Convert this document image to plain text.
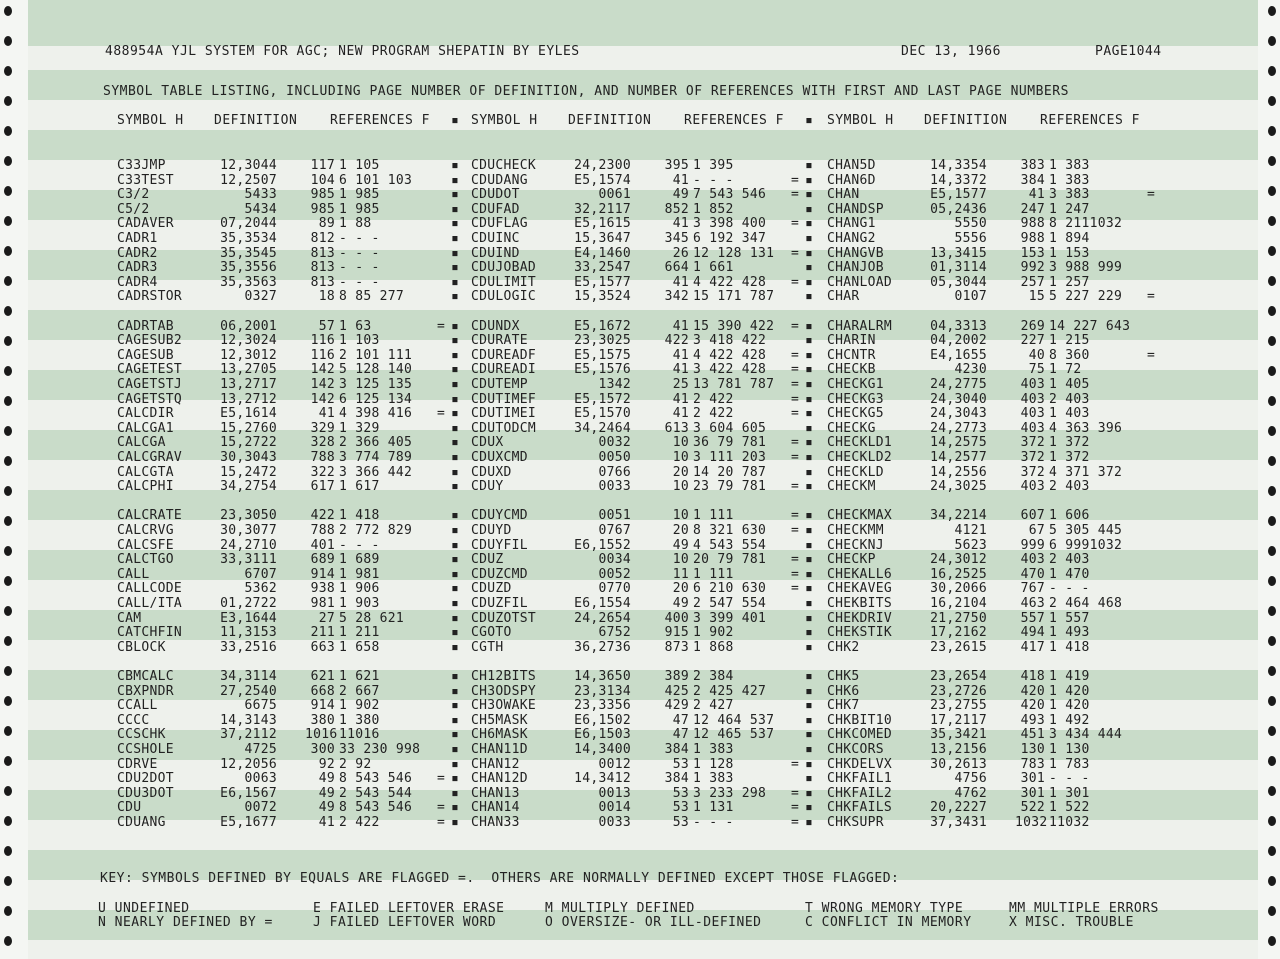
488954A YJL SYSTEM FOR AGC; NEW PROGRAM SHEPATIN BY EYLES	DEC 13, 1966	PAGE1044
SYMBOL TABLE LISTING, INCLUDING PAGE NUMBER OF DEFINITION, AND NUMBER OF REFERENCES WITH FIRST AND LAST PAGE NUMBERS
SYMBOL H DEFINITION	REFERENCES F ▪ SYMBOL H DEFINITION	REFERENCES F ▪ SYMBOL H DEFINITION	REFERENCES F
C33JMP	12,3044	117 1 105	▪
C33TEST	12,2507	104 6 101 103	▪
C3/2	5433	985 1 985	▪
C5/2	5434	985 1 985	▪
CADAVER	07,2044	89 1 88	▪
CADR1	35,3534	812 - - -	▪
CADR2	35,3545	813 - - -	▪
CADR3	35,3556	813 - - -	▪
CADR4	35,3563	813 - - -	▪
CADRSTOR	0327	18 8 85 277	▪
CADRTAB	06,2001	57 1 63	= ▪
CAGESUB2	12,3024	116 1 103	▪
CAGESUB	12,3012	116 2 101 111	▪
CAGETEST	13,2705	142 5 128 140	▪
CAGETSTJ	13,2717	142 3 125 135	▪
CAGETSTQ	13,2712	142 6 125 134	▪
CALCDIR	E5,1614	41 4 398 416 = ▪
CALCGA1	15,2760	329 1 329	▪
CALCGA	15,2722	328 2 366 405	▪
CALCGRAV	30,3043	788 3 774 789	▪
CALCGTA	15,2472	322 3 366 442	▪
CALCPHI	34,2754	617 1 617	▪
CALCRATE	23,3050	422 1 418	▪
CALCRVG	30,3077	788 2 772 829	▪
CALCSFE	24,2710	401 - - -	▪
CALCTGO	33,3111	689 1 689	▪
CALL	6707	914 1 981	▪
CALLCODE	5362	938 1 906	▪
CALL/ITA	01,2722	981 1 903	▪
CAM	E3,1644	27 5 28 621	▪
CATCHFIN	11,3153	211 1 211	▪
CBLOCK	33,2516	663 1 658	▪
CBMCALC	34,3114	621 1 621	▪
CBXPNDR	27,2540	668 2 667	▪
CCALL	6675	914 1 902	▪
CCCC	14,3143	380 1 380	▪
CCSCHK	37,2112 1016 11016	▪
CCSHOLE	4725	300 33 230 998 ▪
CDRVE	12,2056	92 2 92	▪
CDU2DOT	0063	49 8 543 546 = ▪
CDU3DOT	E6,1567	49 2 543 544	▪
CDU	0072	49 8 543 546 = ▪
CDUANG	E5,1677	41 2 422	= ▪
CDUCHECK	24,2300	395 1 395	▪
CDUDANG	E5,1574	41 - - -	= ▪
CDUDOT	0061	49 7 543 546 = ▪
CDUFAD	32,2117	852 1 852	▪
CDUFLAG	E5,1615	41 3 398 400 = ▪
CDUINC	15,3647	345 6 192 347	▪
CDUIND	E4,1460	26 12 128 131 = ▪
CDUJOBAD	33,2547	664 1 661	▪
CDULIMIT	E5,1577	41 4 422 428 = ▪
CDULOGIC	15,3524	342 15 171 787 ▪
CDUNDX	E5,1672	41 15 390 422 = ▪
CDURATE	23,3025	422 3 418 422	▪
CDUREADF	E5,1575	41 4 422 428 = ▪
CDUREADI	E5,1576	41 3 422 428 = ▪
CDUTEMP	1342	25 13 781 787 = ▪
CDUTIMEF	E5,1572	41 2 422	= ▪
CDUTIMEI	E5,1570	41 2 422	= ▪
CDUTODCM	34,2464	613 3 604 605	▪
CDUX	0032	10 36 79 781 = ▪
CDUXCMD	0050	10 3 111 203 = ▪
CDUXD	0766	20 14 20 787	▪
CDUY	0033	10 23 79 781 = ▪
CDUYCMD	0051	10 1 111	= ▪
CDUYD	0767	20 8 321 630 = ▪
CDUYFIL	E6,1552	49 4 543 554	▪
CDUZ	0034	10 20 79 781 = ▪
CDUZCMD	0052	11 1 111	= ▪
CDUZD	0770	20 6 210 630 = ▪
CDUZFIL	E6,1554	49 2 547 554	▪
CDUZOTST	24,2654	400 3 399 401	▪
CGOTO	6752	915 1 902	▪
CGTH	36,2736	873 1 868	▪
CH12BITS	14,3650	389 2 384	▪
CH3ODSPY	23,3134	425 2 425 427	▪
CH3OWAKE	23,3356	429 2 427	▪
CH5MASK	E6,1502	47 12 464 537 ▪
CH6MASK	E6,1503	47 12 465 537 ▪
CHAN11D	14,3400	384 1 383	▪
CHAN12	0012	53 1 128	= ▪
CHAN12D	14,3412	384 1 383	▪
CHAN13	0013	53 3 233 298 = ▪
CHAN14	0014	53 1 131	= ▪
CHAN33	0033	53 - - -	= ▪
CHAN5D	14,3354	383 1 383
CHAN6D	14,3372	384 1 383
CHAN	E5,1577	41 3 383	=
CHANDSP	05,2436	247 1 247
CHANG1	5550	988 8 2111032
CHANG2	5556	988 1 894
CHANGVB	13,3415	153 1 153
CHANJOB	01,3114	992 3 988 999
CHANLOAD	05,3044	257 1 257
CHAR	0107	15 5 227 229 =
CHARALRM	04,3313	269 14 227 643
CHARIN	04,2002	227 1 215
CHCNTR	E4,1655	40 8 360	=
CHECKB	4230	75 1 72
CHECKG1	24,2775	403 1 405
CHECKG3	24,3040	403 2 403
CHECKG5	24,3043	403 1 403
CHECKG	24,2773	403 4 363 396
CHECKLD1	14,2575	372 1 372
CHECKLD2	14,2577	372 1 372
CHECKLD	14,2556	372 4 371 372
CHECKM	24,3025	403 2 403
CHECKMAX	34,2214	607 1 606
CHECKMM	4121	67 5 305 445
CHECKNJ	5623	999 6 9991032
CHECKP	24,3012	403 2 403
CHEKALL6	16,2525	470 1 470
CHEKAVEG	30,2066	767 - - -
CHEKBITS	16,2104	463 2 464 468
CHEKDRIV	21,2750	557 1 557
CHEKSTIK	17,2162	494 1 493
CHK2	23,2615	417 1 418
CHK5	23,2654	418 1 419
CHK6	23,2726	420 1 420
CHK7	23,2755	420 1 420
CHKBIT10	17,2117	493 1 492
CHKCOMED	35,3421	451 3 434 444
CHKCORS	13,2156	130 1 130
CHKDELVX	30,2613	783 1 783
CHKFAIL1	4756	301 - - -
CHKFAIL2	4762	301 1 301
CHKFAILS	20,2227	522 1 522
CHKSUPR	37,3431 1032 11032
KEY: SYMBOLS DEFINED BY EQUALS ARE FLAGGED =.  OTHERS ARE NORMALLY DEFINED EXCEPT THOSE FLAGGED:
U UNDEFINED
N NEARLY DEFINED BY =
E FAILED LEFTOVER ERASE
J FAILED LEFTOVER WORD
M MULTIPLY DEFINED
O OVERSIZE- OR ILL-DEFINED
T WRONG MEMORY TYPE
C CONFLICT IN MEMORY
MM MULTIPLE ERRORS
X MISC. TROUBLE
